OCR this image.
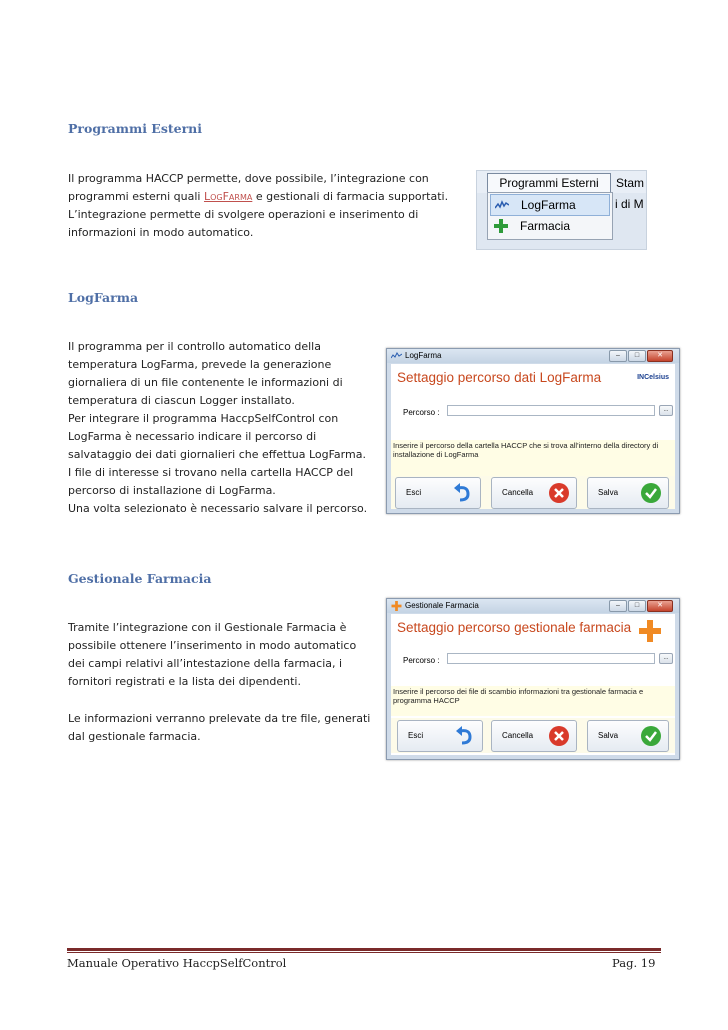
Programmi Esterni
Il programma HACCP permette, dove possibile, l’integrazione con programmi esterni quali LogFarma e gestionali di farmacia supportati. L’integrazione permette di svolgere operazioni e inserimento di informazioni in modo automatico.
Programmi Esterni	Stam
i di M
LogFarma
Farmacia
LogFarma

Il programma per il controllo automatico della

temperatura LogFarma, prevede la generazione

giornaliera di un file contenente le informazioni di

temperatura di ciascun Logger installato.

Per integrare il programma HaccpSelfControl con

LogFarma è necessario indicare il percorso di

salvataggio dei dati giornalieri che effettua LogFarma.

I file di interesse si trovano nella cartella HACCP del

percorso di installazione di LogFarma.

Una volta selezionato è necessario salvare il percorso.

LogFarma	– □	✕
Settaggio percorso dati LogFarma	INCelsius
Percorso :	...
Inserire il percorso della cartella HACCP che si trova all'interno della directory di installazione di LogFarma
Esci	Cancella	Salva
Gestionale Farmacia

Tramite l’integrazione con il Gestionale Farmacia è

possibile ottenere l’inserimento in modo automatico

dei campi relativi all’intestazione della farmacia, i

fornitori registrati e la lista dei dipendenti.

Le informazioni verranno prelevate da tre file, generati

dal gestionale farmacia.

Gestionale Farmacia	– □	✕
Settaggio percorso gestionale farmacia
Percorso :	...
Inserire il percorso dei file di scambio informazioni tra gestionale farmacia e programma HACCP
Esci	Cancella	Salva
Manuale Operativo HaccpSelfControl	Pag. 19
